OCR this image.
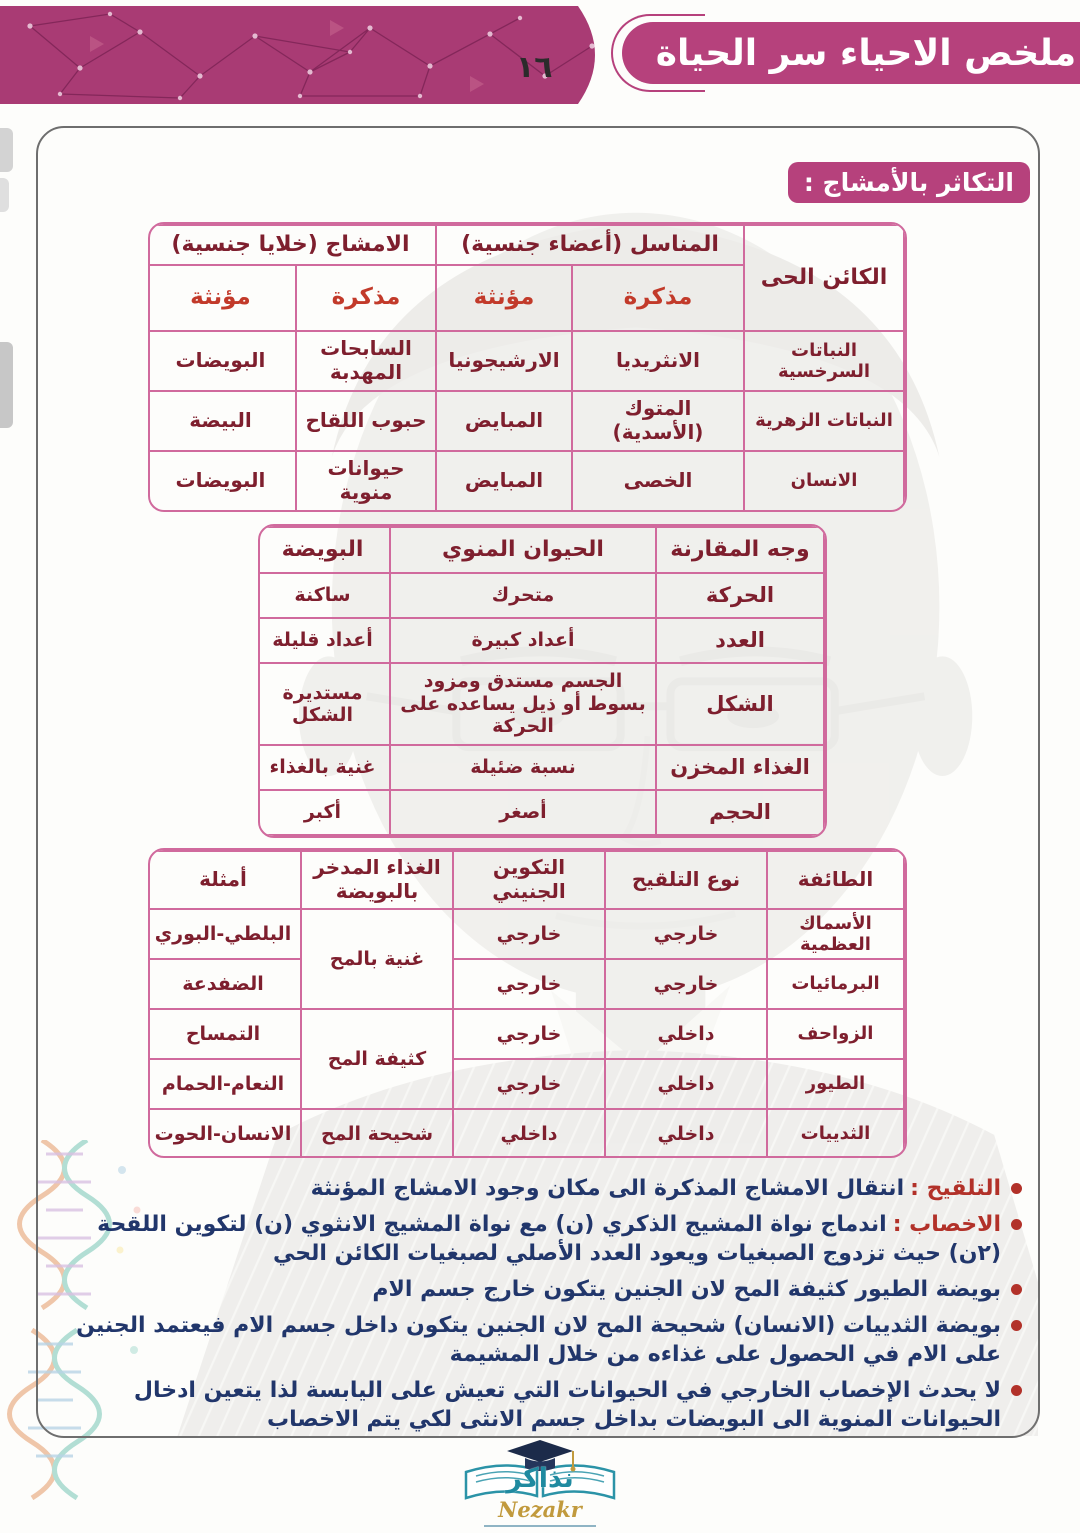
١٦	ملخص الاحياء سر الحياة
التكاثر بالأمشاج :
الكائن الحى	المناسل (أعضاء جنسية)		الامشاج (خلايا جنسية)	
	مذكرة	مؤنثة	مذكرة	مؤنثة
النباتات السرخسية	الانثريديا	الارشيجونيا	السابحات المهدبة	البويضات
النباتات الزهرية	المتوك (الأسدية)	المبايض	حبوب اللقاح	البيضة
الانسان	الخصى	المبايض	حيوانات منوية	البويضات
وجه المقارنة	الحيوان المنوي	البويضة
الحركة	متحرك	ساكنة
العدد	أعداد كبيرة	أعداد قليلة
الشكل	الجسم مستدق ومزود بسوط أو ذيل يساعده على الحركة	مستديرة الشكل
الغذاء المخزن	نسبة ضئيلة	غنية بالغذاء
الحجم	أصغر	أكبر
الطائفة	نوع التلقيح	التكوين الجنيني	الغذاء المدخر بالبويضة	أمثلة
الأسماك العظمية	خارجي	خارجي	غنية بالمح	البلطي-البوري
البرمائيات	خارجي	خارجي		الضفدعة
الزواحف	داخلي	خارجي	كثيفة المح	التمساح
الطيور	داخلي	خارجي		النعام-الحمام
الثدييات	داخلي	داخلي	شحيحة المح	الانسان-الحوت
التلقيح :انتقال الامشاج المذكرة الى مكان وجود الامشاج المؤنثة
الاخصاب :اندماج نواة المشيج الذكري (ن) مع نواة المشيج الانثوي (ن) لتكوين اللقحة (٢ن) حيث تزدوج الصبغيات ويعود العدد الأصلي لصبغيات الكائن الحي
بويضة الطيور كثيفة المح لان الجنين يتكون خارج جسم الام
بويضة الثدييات (الانسان) شحيحة المح لان الجنين يتكون داخل جسم الام فيعتمد الجنين على الام في الحصول على غذاءه من خلال المشيمة
لا يحدث الإخصاب الخارجي في الحيوانات التي تعيش على اليابسة لذا يتعين ادخال الحيوانات المنوية الى البويضات بداخل جسم الانثى لكي يتم الاخصاب
نذاكر
Nezakr
